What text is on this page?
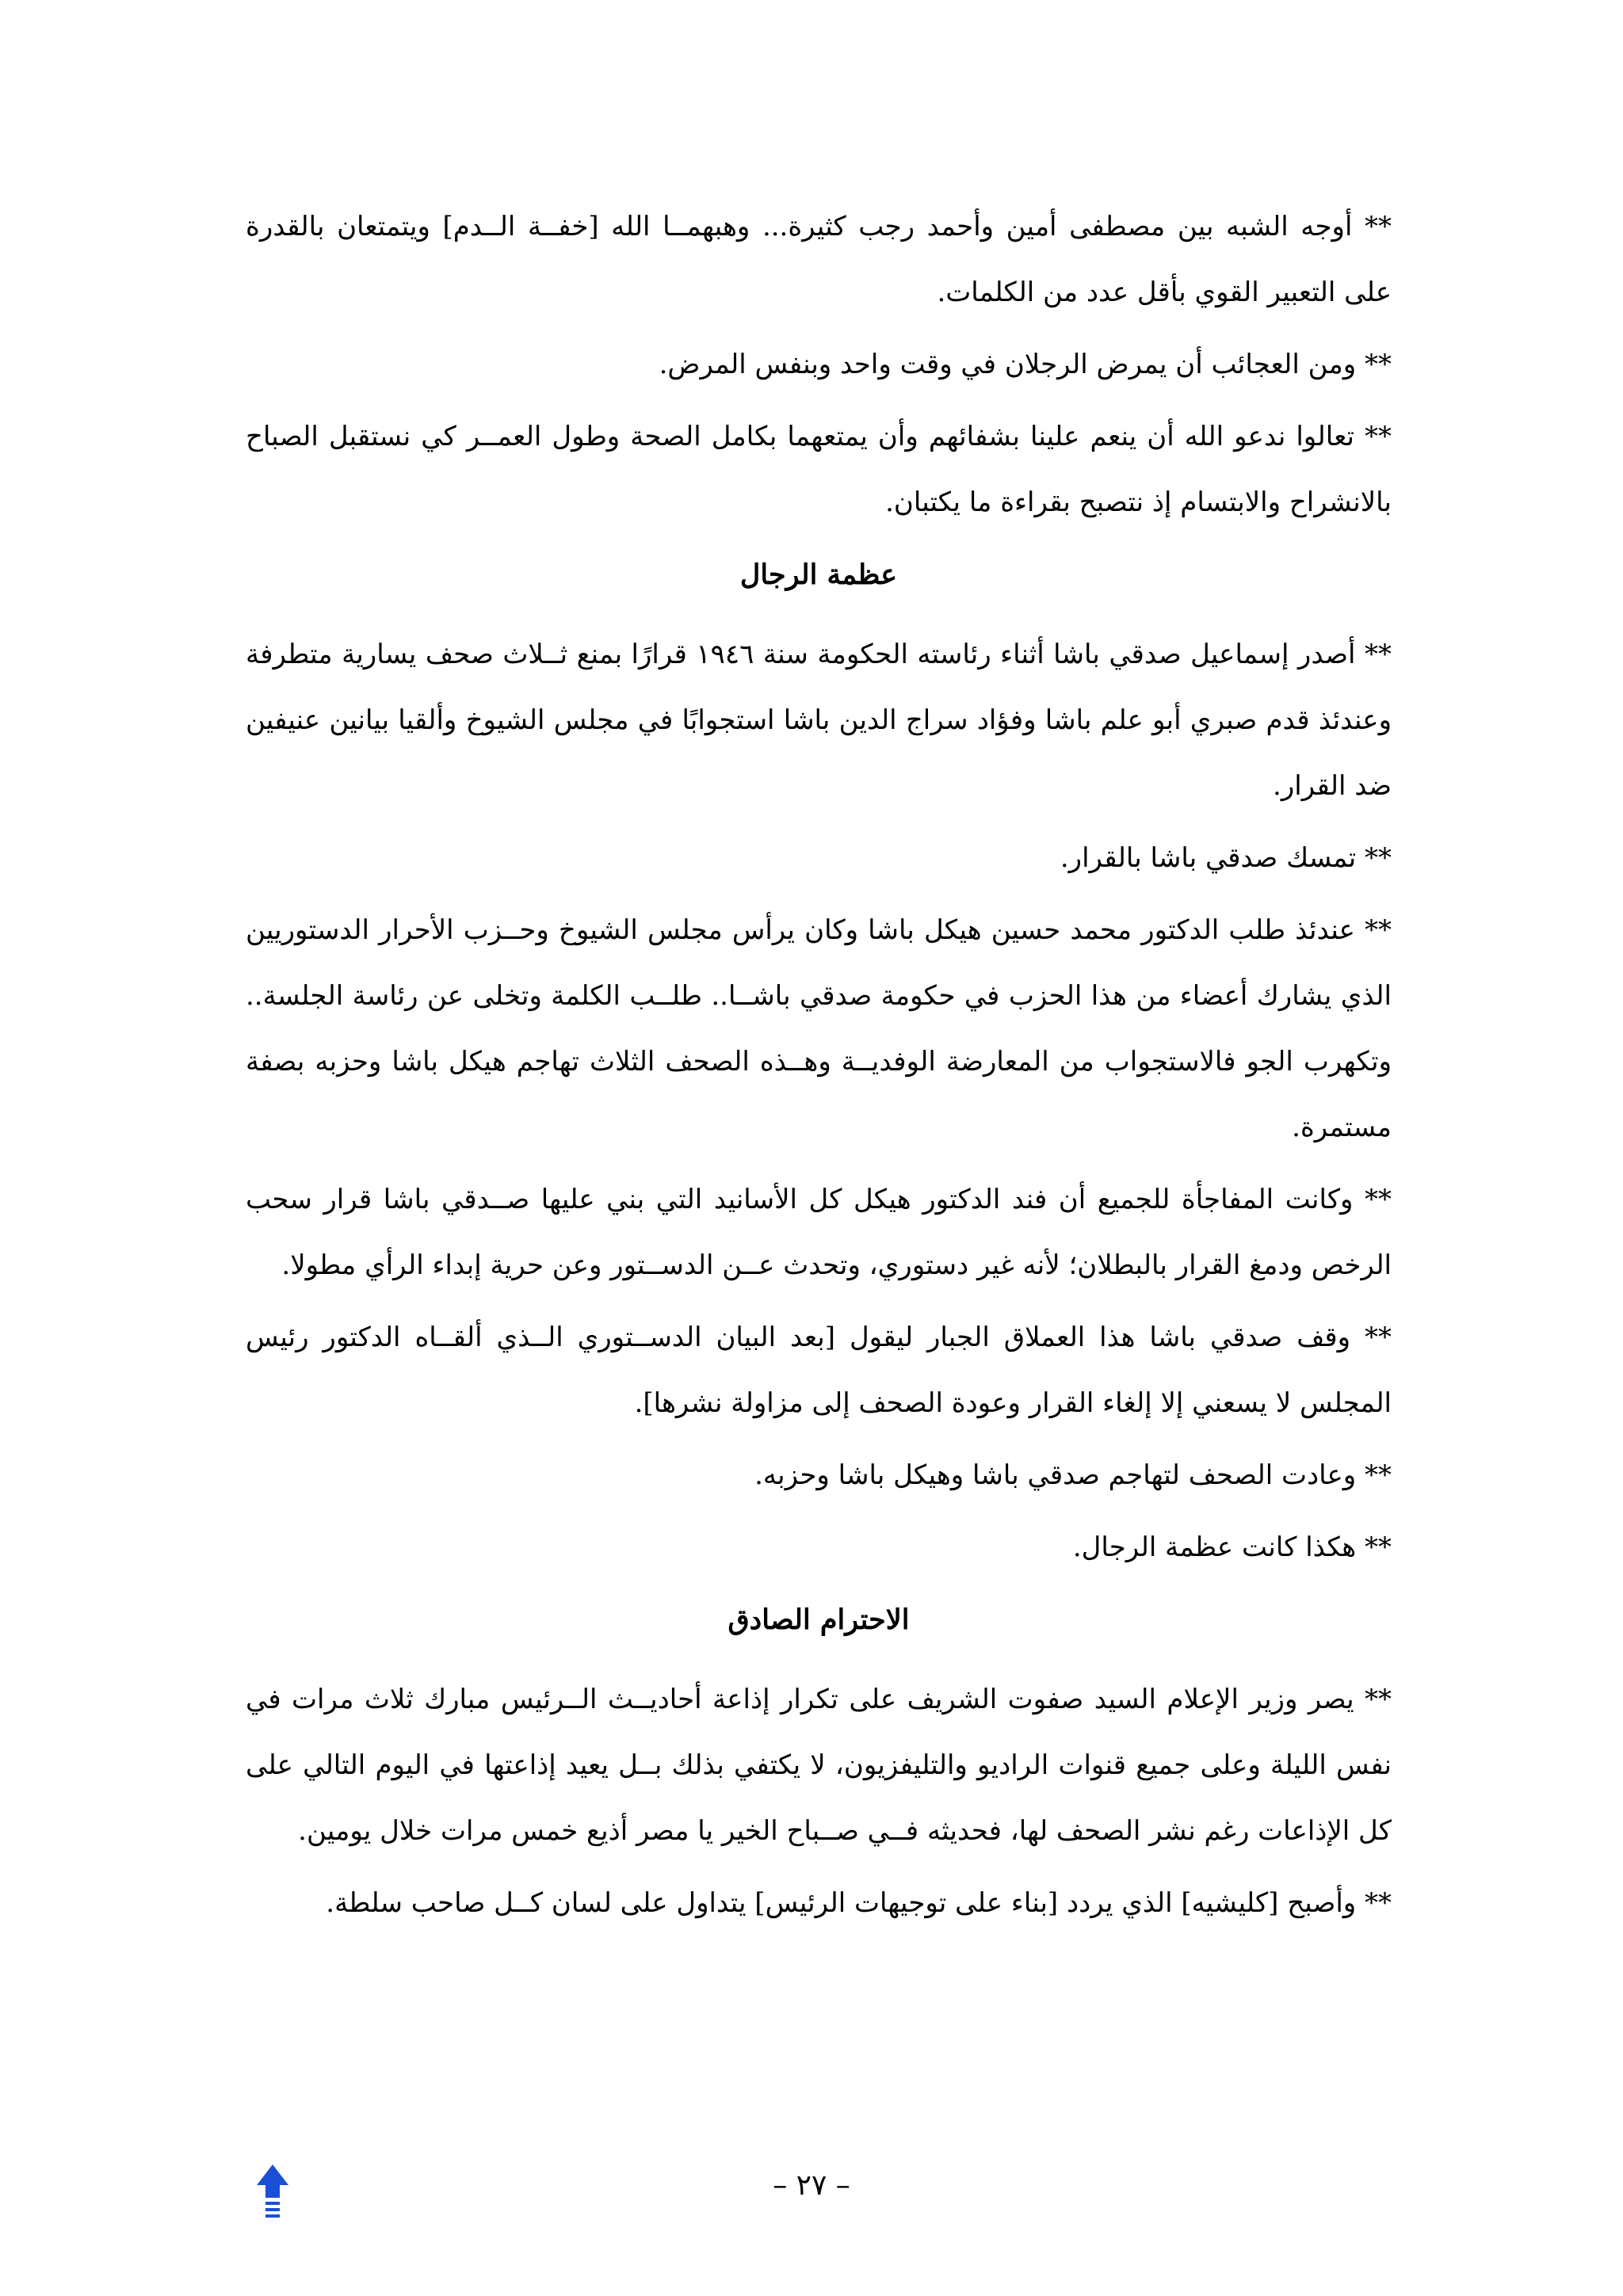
** أوجه الشبه بين مصطفى أمين وأحمد رجب كثيرة... وهبهمــا الله [خفــة الــدم] ويتمتعان بالقدرة على التعبير القوي بأقل عدد من الكلمات.

** ومن العجائب أن يمرض الرجلان في وقت واحد وبنفس المرض.

** تعالوا ندعو الله أن ينعم علينا بشفائهم وأن يمتعهما بكامل الصحة وطول العمــر كي نستقبل الصباح بالانشراح والابتسام إذ نتصبح بقراءة ما يكتبان.

عظمة الرجال

** أصدر إسماعيل صدقي باشا أثناء رئاسته الحكومة سنة ١٩٤٦ قرارًا بمنع ثــلاث صحف يسارية متطرفة وعندئذ قدم صبري أبو علم باشا وفؤاد سراج الدين باشا استجوابًا في مجلس الشيوخ وألقيا بيانين عنيفين ضد القرار.

** تمسك صدقي باشا بالقرار.

** عندئذ طلب الدكتور محمد حسين هيكل باشا وكان يرأس مجلس الشيوخ وحــزب الأحرار الدستوريين الذي يشارك أعضاء من هذا الحزب في حكومة صدقي باشــا.. طلــب الكلمة وتخلى عن رئاسة الجلسة.. وتكهرب الجو فالاستجواب من المعارضة الوفديــة وهــذه الصحف الثلاث تهاجم هيكل باشا وحزبه بصفة مستمرة.

** وكانت المفاجأة للجميع أن فند الدكتور هيكل كل الأسانيد التي بني عليها صــدقي باشا قرار سحب الرخص ودمغ القرار بالبطلان؛ لأنه غير دستوري، وتحدث عــن الدســتور وعن حرية إبداء الرأي مطولا.

** وقف صدقي باشا هذا العملاق الجبار ليقول [بعد البيان الدســتوري الــذي ألقــاه الدكتور رئيس المجلس لا يسعني إلا إلغاء القرار وعودة الصحف إلى مزاولة نشرها].

** وعادت الصحف لتهاجم صدقي باشا وهيكل باشا وحزبه.

** هكذا كانت عظمة الرجال.

الاحترام الصادق

** يصر وزير الإعلام السيد صفوت الشريف على تكرار إذاعة أحاديــث الــرئيس مبارك ثلاث مرات في نفس الليلة وعلى جميع قنوات الراديو والتليفزيون، لا يكتفي بذلك بــل يعيد إذاعتها في اليوم التالي على كل الإذاعات رغم نشر الصحف لها، فحديثه فــي صــباح الخير يا مصر أذيع خمس مرات خلال يومين.

** وأصبح [كليشيه] الذي يردد [بناء على توجيهات الرئيس] يتداول على لسان كــل صاحب سلطة.

– ٢٧ –
